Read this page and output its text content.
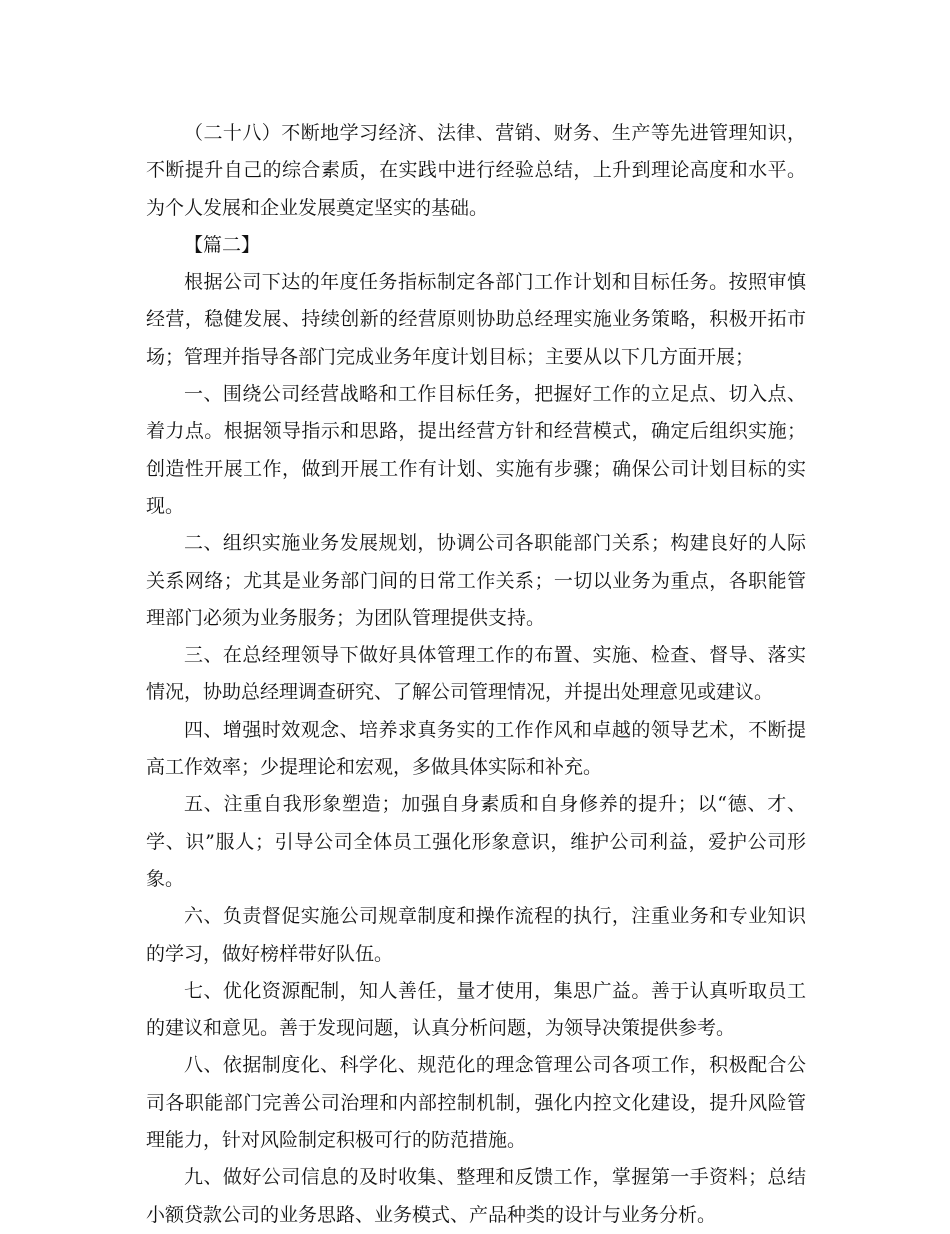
（二十八）不断地学习经济、法律、营销、财务、生产等先进管理知识，不断提升自己的综合素质，在实践中进行经验总结，上升到理论高度和水平。为个人发展和企业发展奠定坚实的基础。

【篇二】

根据公司下达的年度任务指标制定各部门工作计划和目标任务。按照审慎经营，稳健发展、持续创新的经营原则协助总经理实施业务策略，积极开拓市场；管理并指导各部门完成业务年度计划目标；主要从以下几方面开展；

一、围绕公司经营战略和工作目标任务，把握好工作的立足点、切入点、着力点。根据领导指示和思路，提出经营方针和经营模式，确定后组织实施；创造性开展工作，做到开展工作有计划、实施有步骤；确保公司计划目标的实现。

二、组织实施业务发展规划，协调公司各职能部门关系；构建良好的人际关系网络；尤其是业务部门间的日常工作关系；一切以业务为重点，各职能管理部门必须为业务服务；为团队管理提供支持。

三、在总经理领导下做好具体管理工作的布置、实施、检查、督导、落实情况，协助总经理调查研究、了解公司管理情况，并提出处理意见或建议。

四、增强时效观念、培养求真务实的工作作风和卓越的领导艺术，不断提高工作效率；少提理论和宏观，多做具体实际和补充。

五、注重自我形象塑造；加强自身素质和自身修养的提升；以“德、才、学、识”服人；引导公司全体员工强化形象意识，维护公司利益，爱护公司形象。

六、负责督促实施公司规章制度和操作流程的执行，注重业务和专业知识的学习，做好榜样带好队伍。

七、优化资源配制，知人善任，量才使用，集思广益。善于认真听取员工的建议和意见。善于发现问题，认真分析问题，为领导决策提供参考。

八、依据制度化、科学化、规范化的理念管理公司各项工作，积极配合公司各职能部门完善公司治理和内部控制机制，强化内控文化建设，提升风险管理能力，针对风险制定积极可行的防范措施。

九、做好公司信息的及时收集、整理和反馈工作，掌握第一手资料；总结小额贷款公司的业务思路、业务模式、产品种类的设计与业务分析。
